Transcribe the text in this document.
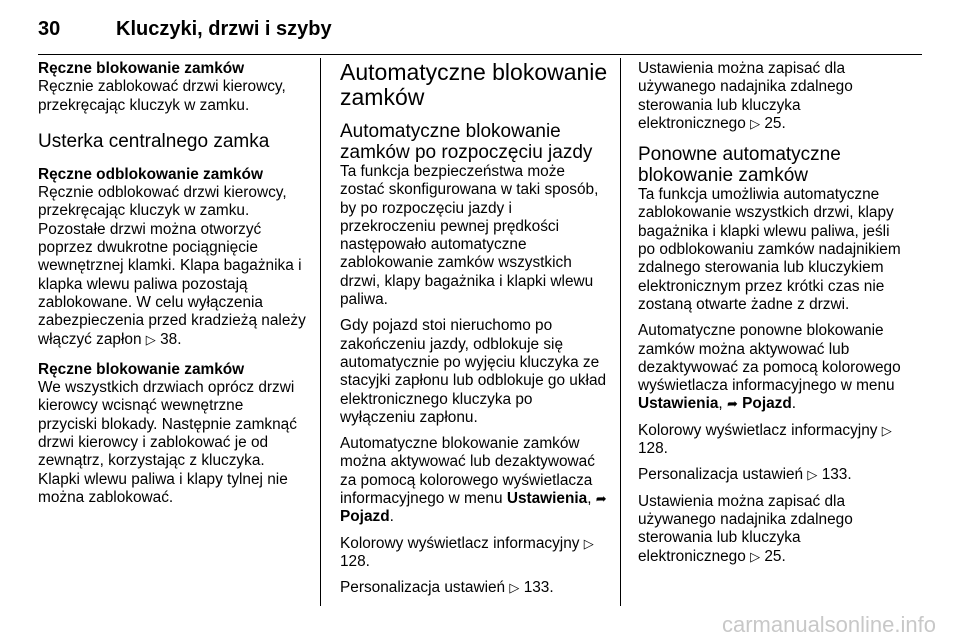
30	Kluczyki, drzwi i szyby

Ręczne blokowanie zamków

Ręcznie zablokować drzwi kierowcy, przekręcając kluczyk w zamku.

Usterka centralnego zamka

Ręczne odblokowanie zamków

Ręcznie odblokować drzwi kierowcy, przekręcając kluczyk w zamku. Pozostałe drzwi można otworzyć poprzez dwukrotne pociągnięcie wewnętrznej klamki. Klapa bagażnika i klapka wlewu paliwa pozostają zablokowane. W celu wyłączenia zabezpieczenia przed kradzieżą należy włączyć zapłon ▷ 38.

Ręczne blokowanie zamków

We wszystkich drzwiach oprócz drzwi kierowcy wcisnąć wewnętrzne przyciski blokady. Następnie zamknąć drzwi kierowcy i zablokować je od zewnątrz, korzystając z kluczyka. Klapki wlewu paliwa i klapy tylnej nie można zablokować.

Automatyczne blokowanie zamków
Automatyczne blokowanie zamków po rozpoczęciu jazdy

Ta funkcja bezpieczeństwa może zostać skonfigurowana w taki sposób, by po rozpoczęciu jazdy i przekroczeniu pewnej prędkości następowało automatyczne zablokowanie zamków wszystkich drzwi, klapy bagażnika i klapki wlewu paliwa.

Gdy pojazd stoi nieruchomo po zakończeniu jazdy, odblokuje się automatycznie po wyjęciu kluczyka ze stacyjki zapłonu lub odblokuje go układ elektronicznego kluczyka po wyłączeniu zapłonu.

Automatyczne blokowanie zamków można aktywować lub dezaktywować za pomocą kolorowego wyświetlacza informacyjnego w menu Ustawienia, ➦ Pojazd.

Kolorowy wyświetlacz informacyjny ▷ 128.

Personalizacja ustawień ▷ 133.

Ustawienia można zapisać dla używanego nadajnika zdalnego sterowania lub kluczyka elektronicznego ▷ 25.

Ponowne automatyczne blokowanie zamków

Ta funkcja umożliwia automatyczne zablokowanie wszystkich drzwi, klapy bagażnika i klapki wlewu paliwa, jeśli po odblokowaniu zamków nadajnikiem zdalnego sterowania lub kluczykiem elektronicznym przez krótki czas nie zostaną otwarte żadne z drzwi.

Automatyczne ponowne blokowanie zamków można aktywować lub dezaktywować za pomocą kolorowego wyświetlacza informacyjnego w menu Ustawienia, ➦ Pojazd.

Kolorowy wyświetlacz informacyjny ▷ 128.

Personalizacja ustawień ▷ 133.

Ustawienia można zapisać dla używanego nadajnika zdalnego sterowania lub kluczyka elektronicznego ▷ 25.

carmanualsonline.info
